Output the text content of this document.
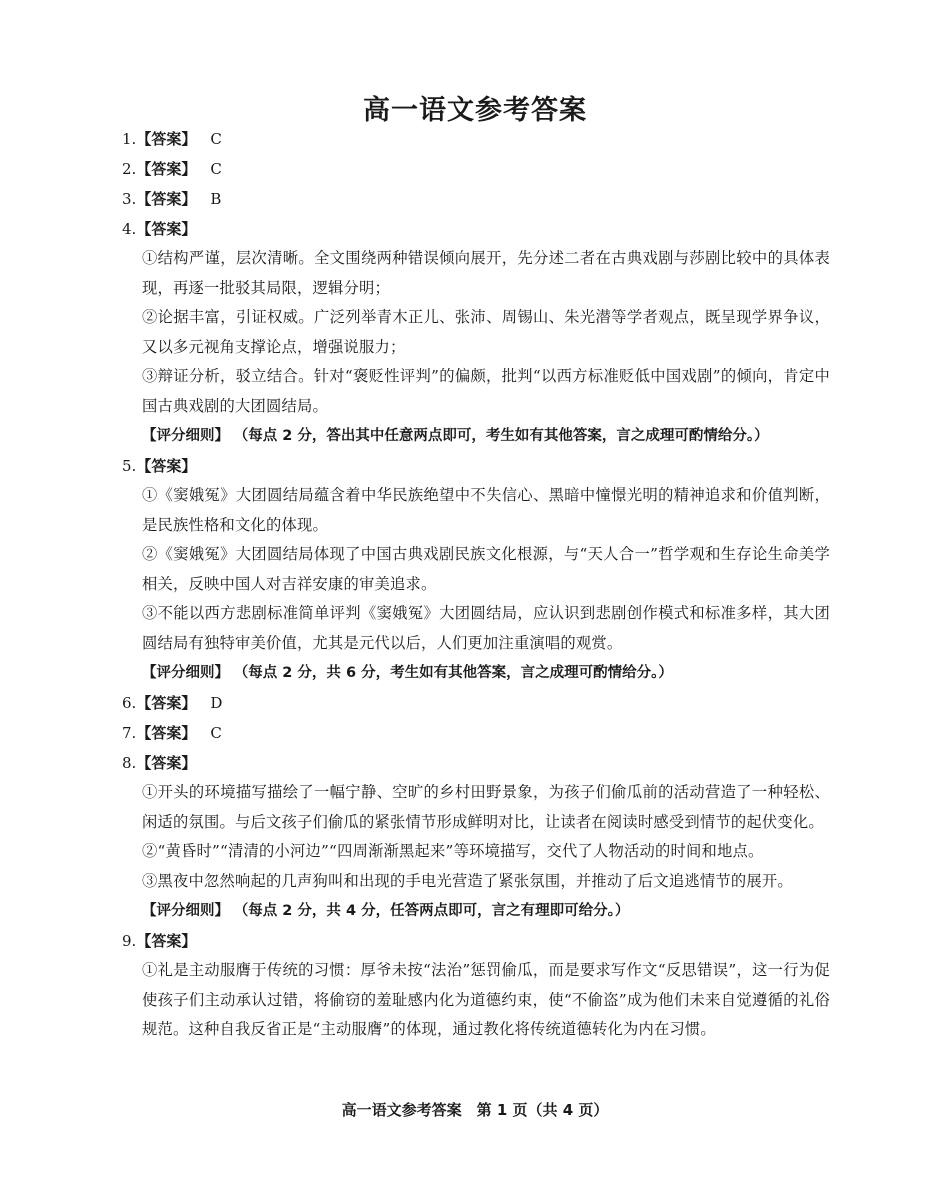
高一语文参考答案
1.【答案】 C
2.【答案】 C
3.【答案】 B
4.【答案】
①结构严谨，层次清晰。全文围绕两种错误倾向展开，先分述二者在古典戏剧与莎剧比较中的具体表现，再逐一批驳其局限，逻辑分明；
②论据丰富，引证权威。广泛列举青木正儿、张沛、周锡山、朱光潜等学者观点，既呈现学界争议，又以多元视角支撑论点，增强说服力；
③辩证分析，驳立结合。针对“褒贬性评判”的偏颇，批判“以西方标准贬低中国戏剧”的倾向，肯定中国古典戏剧的大团圆结局。
【评分细则】 （每点 2 分，答出其中任意两点即可，考生如有其他答案，言之成理可酌情给分。）
5.【答案】
①《窦娥冤》大团圆结局蕴含着中华民族绝望中不失信心、黑暗中憧憬光明的精神追求和价值判断，是民族性格和文化的体现。
②《窦娥冤》大团圆结局体现了中国古典戏剧民族文化根源，与“天人合一”哲学观和生存论生命美学相关，反映中国人对吉祥安康的审美追求。
③不能以西方悲剧标准简单评判《窦娥冤》大团圆结局，应认识到悲剧创作模式和标准多样，其大团圆结局有独特审美价值，尤其是元代以后，人们更加注重演唱的观赏。
【评分细则】 （每点 2 分，共 6 分，考生如有其他答案，言之成理可酌情给分。）
6.【答案】 D
7.【答案】 C
8.【答案】
①开头的环境描写描绘了一幅宁静、空旷的乡村田野景象，为孩子们偷瓜前的活动营造了一种轻松、闲适的氛围。与后文孩子们偷瓜的紧张情节形成鲜明对比，让读者在阅读时感受到情节的起伏变化。
②“黄昏时”“清清的小河边”“四周渐渐黑起来”等环境描写，交代了人物活动的时间和地点。
③黑夜中忽然响起的几声狗叫和出现的手电光营造了紧张氛围，并推动了后文追逃情节的展开。
【评分细则】 （每点 2 分，共 4 分，任答两点即可，言之有理即可给分。）
9.【答案】
①礼是主动服膺于传统的习惯：厚爷未按“法治”惩罚偷瓜，而是要求写作文“反思错误”，这一行为促使孩子们主动承认过错，将偷窃的羞耻感内化为道德约束，使“不偷盗”成为他们未来自觉遵循的礼俗规范。这种自我反省正是“主动服膺”的体现，通过教化将传统道德转化为内在习惯。
高一语文参考答案　第 1 页（共 4 页）
